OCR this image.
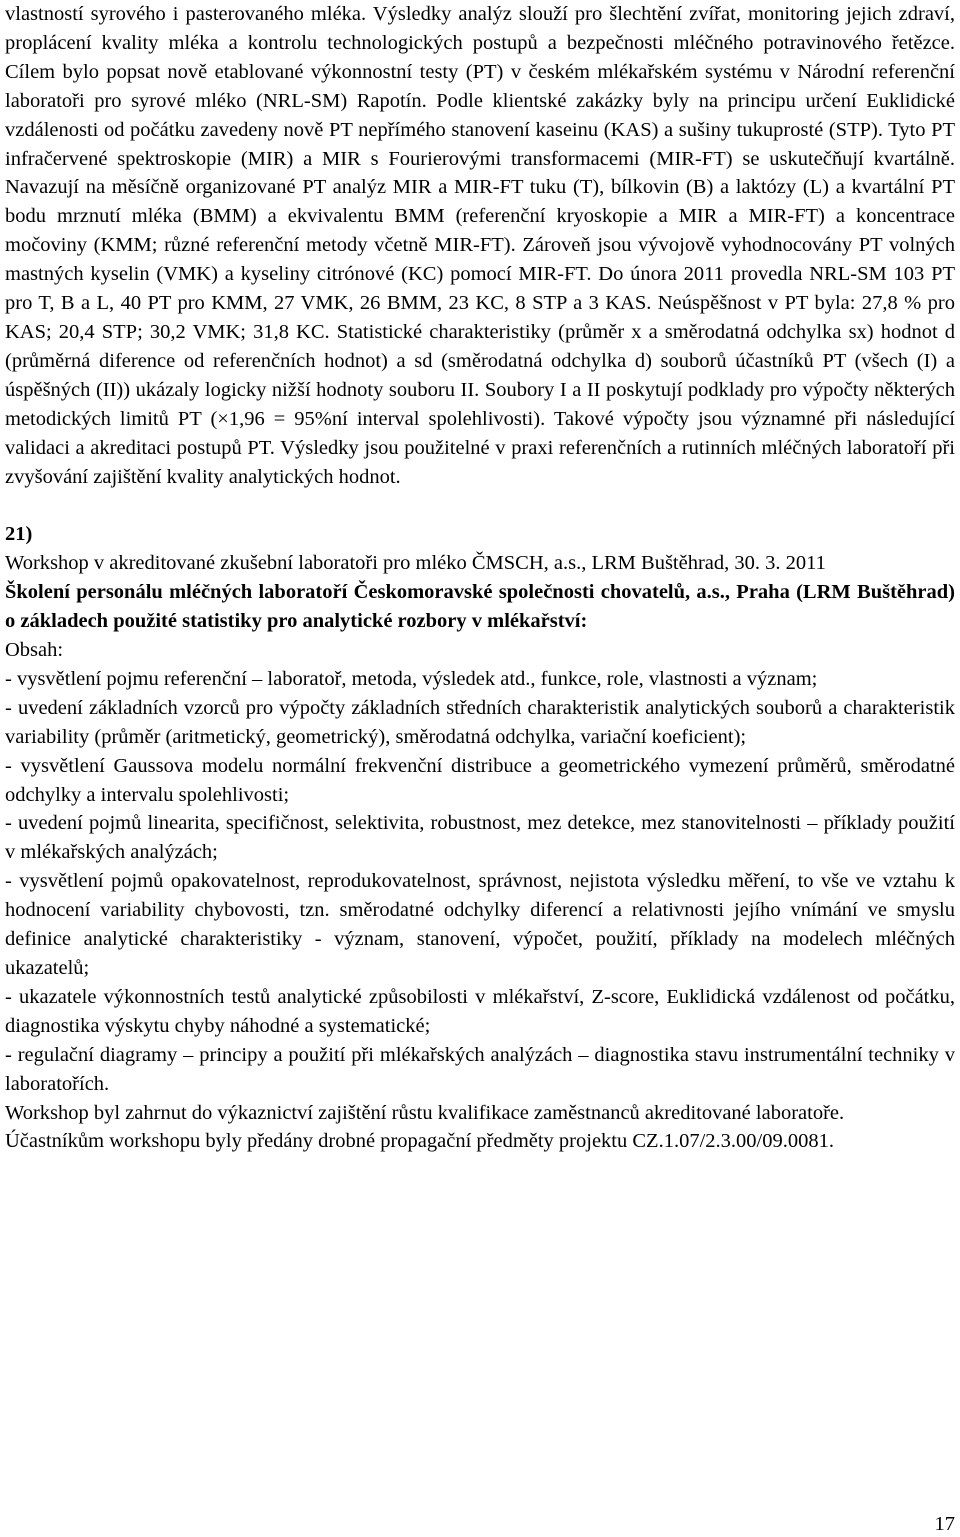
vlastností syrového i pasterovaného mléka. Výsledky analýz slouží pro šlechtění zvířat, monitoring jejich zdraví, proplácení kvality mléka a kontrolu technologických postupů a bezpečnosti mléčného potravinového řetězce. Cílem bylo popsat nově etablované výkonnostní testy (PT) v českém mlékařském systému v Národní referenční laboratoři pro syrové mléko (NRL-SM) Rapotín. Podle klientské zakázky byly na principu určení Euklidické vzdálenosti od počátku zavedeny nově PT nepřímého stanovení kaseinu (KAS) a sušiny tukuprosté (STP). Tyto PT infračervené spektroskopie (MIR) a MIR s Fourierovými transformacemi (MIR-FT) se uskutečňují kvartálně. Navazují na měsíčně organizované PT analýz MIR a MIR-FT tuku (T), bílkovin (B) a laktózy (L) a kvartální PT bodu mrznutí mléka (BMM) a ekvivalentu BMM (referenční kryoskopie a MIR a MIR-FT) a koncentrace močoviny (KMM; různé referenční metody včetně MIR-FT). Zároveň jsou vývojově vyhodnocovány PT volných mastných kyselin (VMK) a kyseliny citrónové (KC) pomocí MIR-FT. Do února 2011 provedla NRL-SM 103 PT pro T, B a L, 40 PT pro KMM, 27 VMK, 26 BMM, 23 KC, 8 STP a 3 KAS. Neúspěšnost v PT byla: 27,8 % pro KAS; 20,4 STP; 30,2 VMK; 31,8 KC. Statistické charakteristiky (průměr x a směrodatná odchylka sx) hodnot d (průměrná diference od referenčních hodnot) a sd (směrodatná odchylka d) souborů účastníků PT (všech (I) a úspěšných (II)) ukázaly logicky nižší hodnoty souboru II. Soubory I a II poskytují podklady pro výpočty některých metodických limitů PT (×1,96 = 95%ní interval spolehlivosti). Takové výpočty jsou významné při následující validaci a akreditaci postupů PT. Výsledky jsou použitelné v praxi referenčních a rutinních mléčných laboratoří při zvyšování zajištění kvality analytických hodnot.

21)

Workshop v akreditované zkušební laboratoři pro mléko ČMSCH, a.s., LRM Buštěhrad, 30. 3. 2011

Školení personálu mléčných laboratoří Českomoravské společnosti chovatelů, a.s., Praha (LRM Buštěhrad) o základech použité statistiky pro analytické rozbory v mlékařství:

Obsah:

- vysvětlení pojmu referenční – laboratoř, metoda, výsledek atd., funkce, role, vlastnosti a význam;

- uvedení základních vzorců pro výpočty základních středních charakteristik analytických souborů a charakteristik variability (průměr (aritmetický, geometrický), směrodatná odchylka, variační koeficient);

- vysvětlení Gaussova modelu normální frekvenční distribuce a geometrického vymezení průměrů, směrodatné odchylky a intervalu spolehlivosti;

- uvedení pojmů linearita, specifičnost, selektivita, robustnost, mez detekce, mez stanovitelnosti – příklady použití v mlékařských analýzách;

- vysvětlení pojmů opakovatelnost, reprodukovatelnost, správnost, nejistota výsledku měření, to vše ve vztahu k hodnocení variability chybovosti, tzn. směrodatné odchylky diferencí a relativnosti jejího vnímání ve smyslu definice analytické charakteristiky - význam, stanovení, výpočet, použití, příklady na modelech mléčných ukazatelů;

- ukazatele výkonnostních testů analytické způsobilosti v mlékařství, Z-score, Euklidická vzdálenost od počátku, diagnostika výskytu chyby náhodné a systematické;

- regulační diagramy – principy a použití při mlékařských analýzách – diagnostika stavu instrumentální techniky v laboratořích.

Workshop byl zahrnut do výkaznictví zajištění růstu kvalifikace zaměstnanců akreditované laboratoře.

Účastníkům workshopu byly předány drobné propagační předměty projektu CZ.1.07/2.3.00/09.0081.

17
